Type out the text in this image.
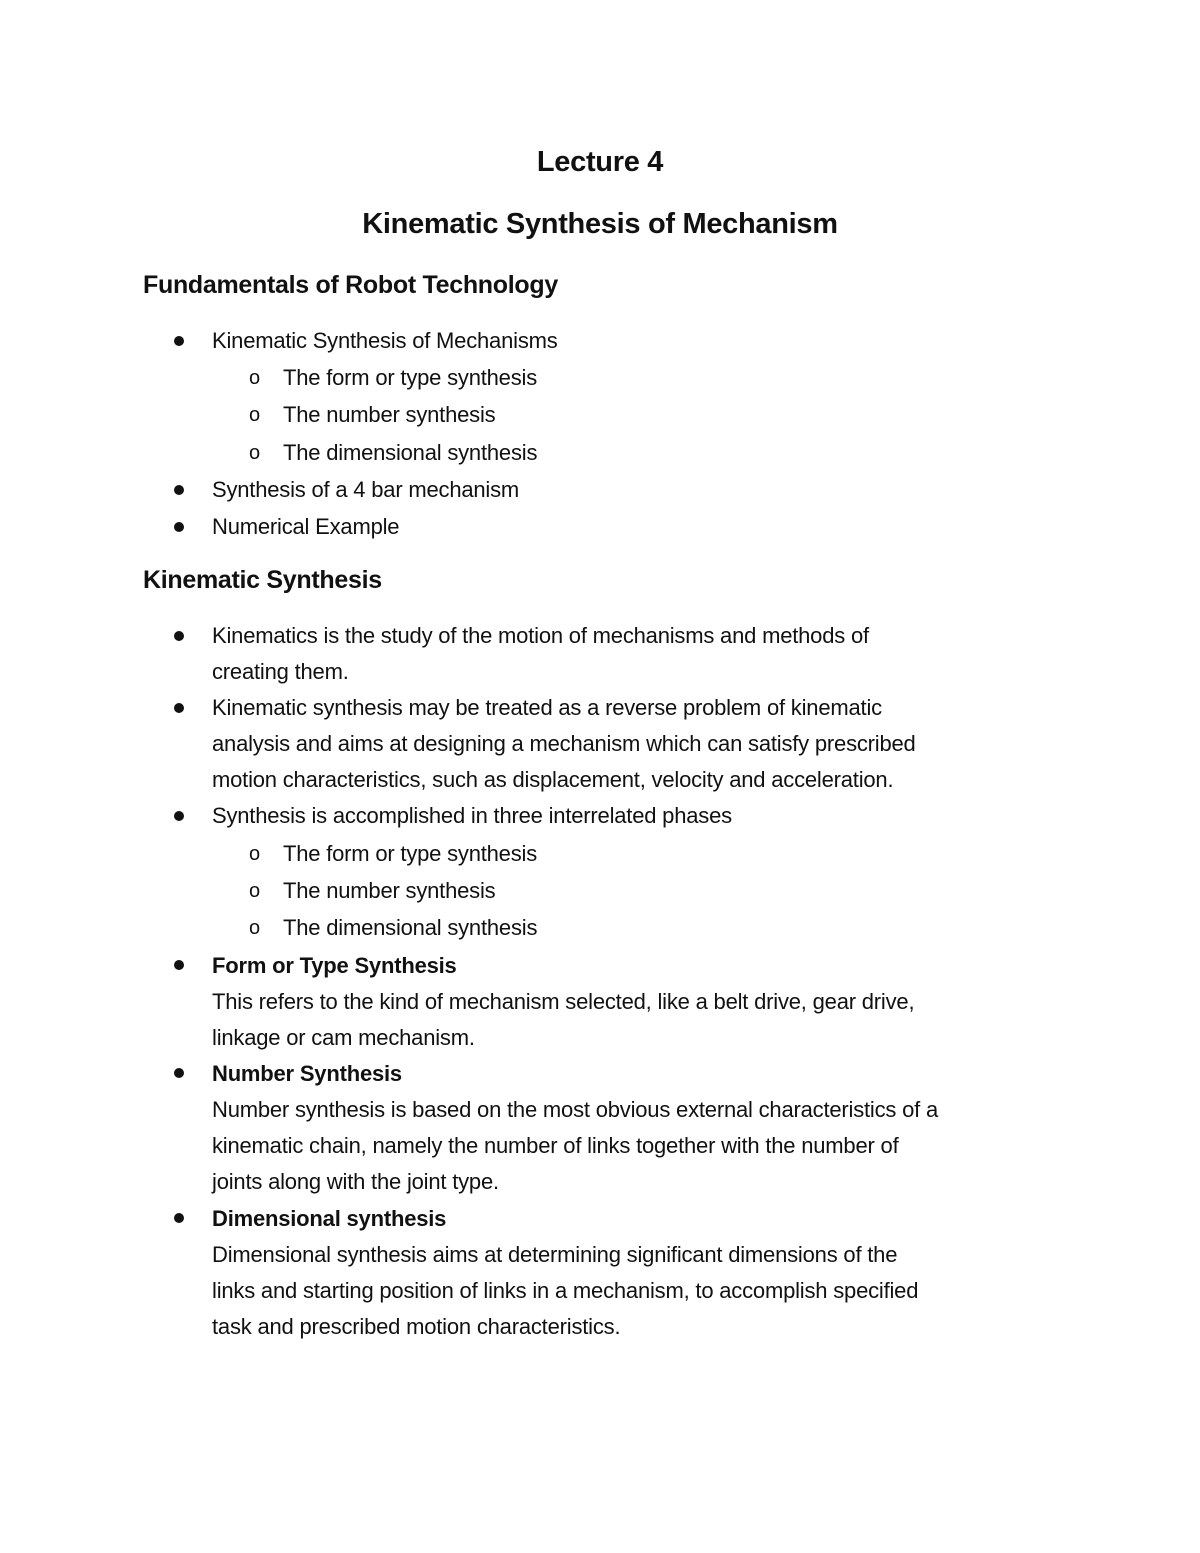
Lecture 4
Kinematic Synthesis of Mechanism
Fundamentals of Robot Technology
Kinematic Synthesis of Mechanisms
o The form or type synthesis
o The number synthesis
o The dimensional synthesis
Synthesis of a 4 bar mechanism
Numerical Example
Kinematic Synthesis
Kinematics is the study of the motion of mechanisms and methods of
creating them.
Kinematic synthesis may be treated as a reverse problem of kinematic
analysis and aims at designing a mechanism which can satisfy prescribed
motion characteristics, such as displacement, velocity and acceleration.
Synthesis is accomplished in three interrelated phases
o The form or type synthesis
o The number synthesis
o The dimensional synthesis
Form or Type Synthesis
This refers to the kind of mechanism selected, like a belt drive, gear drive,
linkage or cam mechanism.
Number Synthesis
Number synthesis is based on the most obvious external characteristics of a
kinematic chain, namely the number of links together with the number of
joints along with the joint type.
Dimensional synthesis
Dimensional synthesis aims at determining significant dimensions of the
links and starting position of links in a mechanism, to accomplish specified
task and prescribed motion characteristics.
